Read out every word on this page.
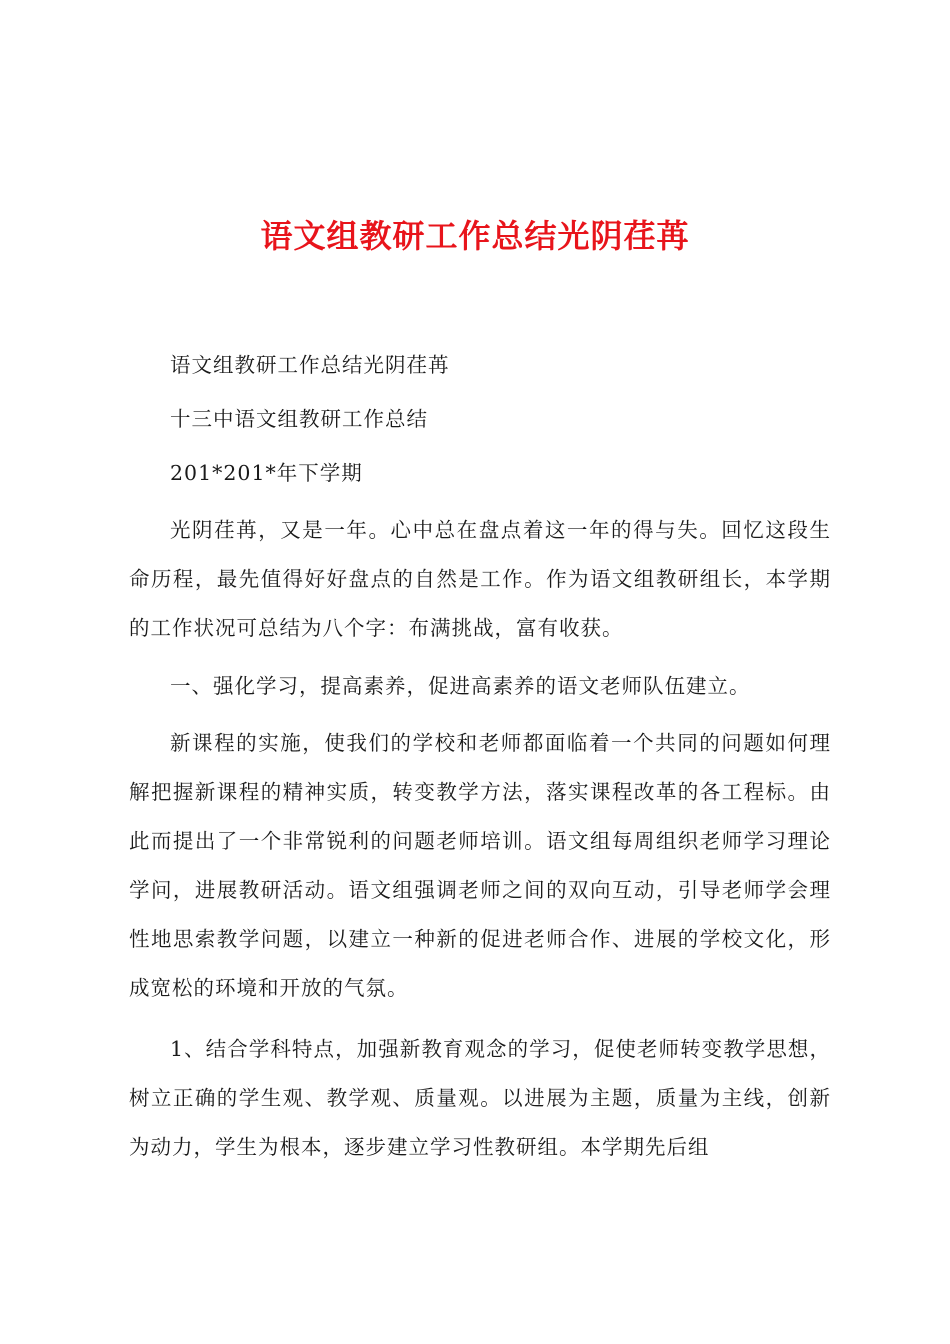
语文组教研工作总结光阴荏苒

语文组教研工作总结光阴荏苒

十三中语文组教研工作总结

201*201*年下学期

光阴荏苒，又是一年。心中总在盘点着这一年的得与失。回忆这段生命历程，最先值得好好盘点的自然是工作。作为语文组教研组长，本学期的工作状况可总结为八个字：布满挑战，富有收获。

一、强化学习，提高素养，促进高素养的语文老师队伍建立。

新课程的实施，使我们的学校和老师都面临着一个共同的问题如何理解把握新课程的精神实质，转变教学方法，落实课程改革的各工程标。由此而提出了一个非常锐利的问题老师培训。语文组每周组织老师学习理论学问，进展教研活动。语文组强调老师之间的双向互动，引导老师学会理性地思索教学问题，以建立一种新的促进老师合作、进展的学校文化，形成宽松的环境和开放的气氛。

1、结合学科特点，加强新教育观念的学习，促使老师转变教学思想，树立正确的学生观、教学观、质量观。以进展为主题，质量为主线，创新为动力，学生为根本，逐步建立学习性教研组。本学期先后组
